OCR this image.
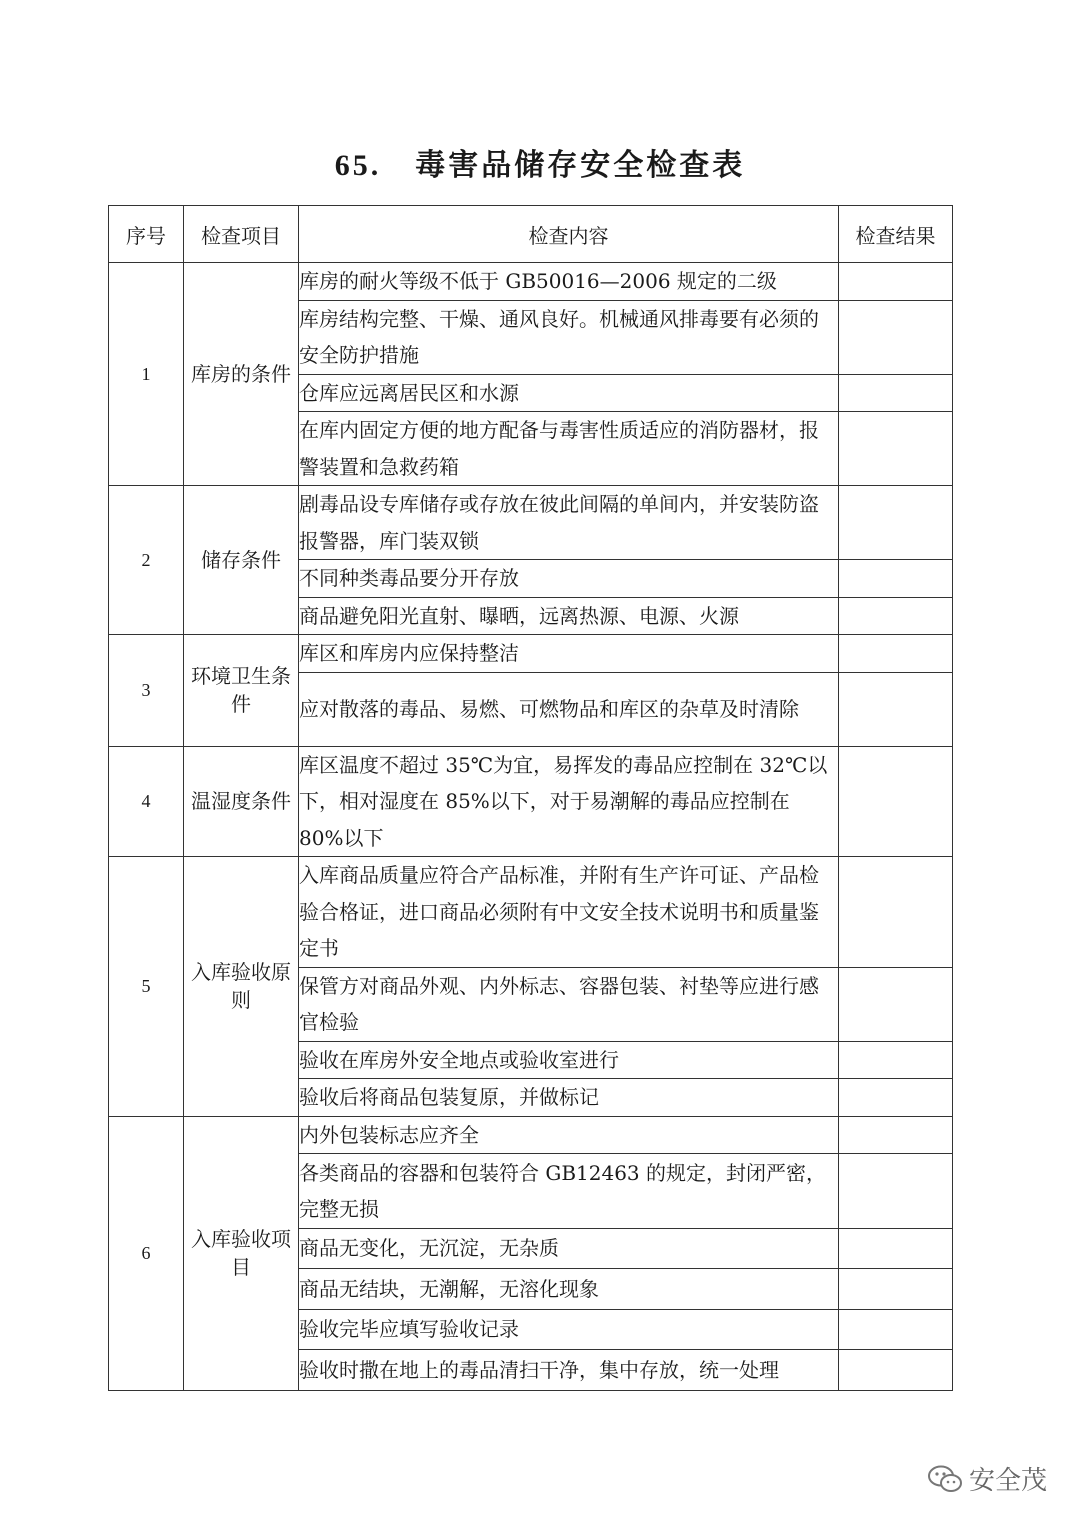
65. 毒害品储存安全检查表
序号	检查项目	检查内容	检查结果
1	库房的条件	库房的耐火等级不低于 GB50016—2006 规定的二级	
		库房结构完整、干燥、通风良好。机械通风排毒要有必须的安全防护措施	
		仓库应远离居民区和水源	
		在库内固定方便的地方配备与毒害性质适应的消防器材，报警装置和急救药箱	
2	储存条件	剧毒品设专库储存或存放在彼此间隔的单间内，并安装防盗报警器，库门装双锁	
		不同种类毒品要分开存放	
		商品避免阳光直射、曝晒，远离热源、电源、火源	
3	环境卫生条件	库区和库房内应保持整洁	
		应对散落的毒品、易燃、可燃物品和库区的杂草及时清除	
4	温湿度条件	库区温度不超过 35℃为宜，易挥发的毒品应控制在 32℃以下，相对湿度在 85%以下，对于易潮解的毒品应控制在 80%以下	
5	入库验收原则	入库商品质量应符合产品标准，并附有生产许可证、产品检验合格证，进口商品必须附有中文安全技术说明书和质量鉴定书	
		保管方对商品外观、内外标志、容器包装、衬垫等应进行感官检验	
		验收在库房外安全地点或验收室进行	
		验收后将商品包装复原，并做标记	
6	入库验收项目	内外包装标志应齐全	
		各类商品的容器和包装符合 GB12463 的规定，封闭严密，完整无损	
		商品无变化，无沉淀，无杂质	
		商品无结块，无潮解，无溶化现象	
		验收完毕应填写验收记录	
		验收时撒在地上的毒品清扫干净，集中存放，统一处理	
安全茂
